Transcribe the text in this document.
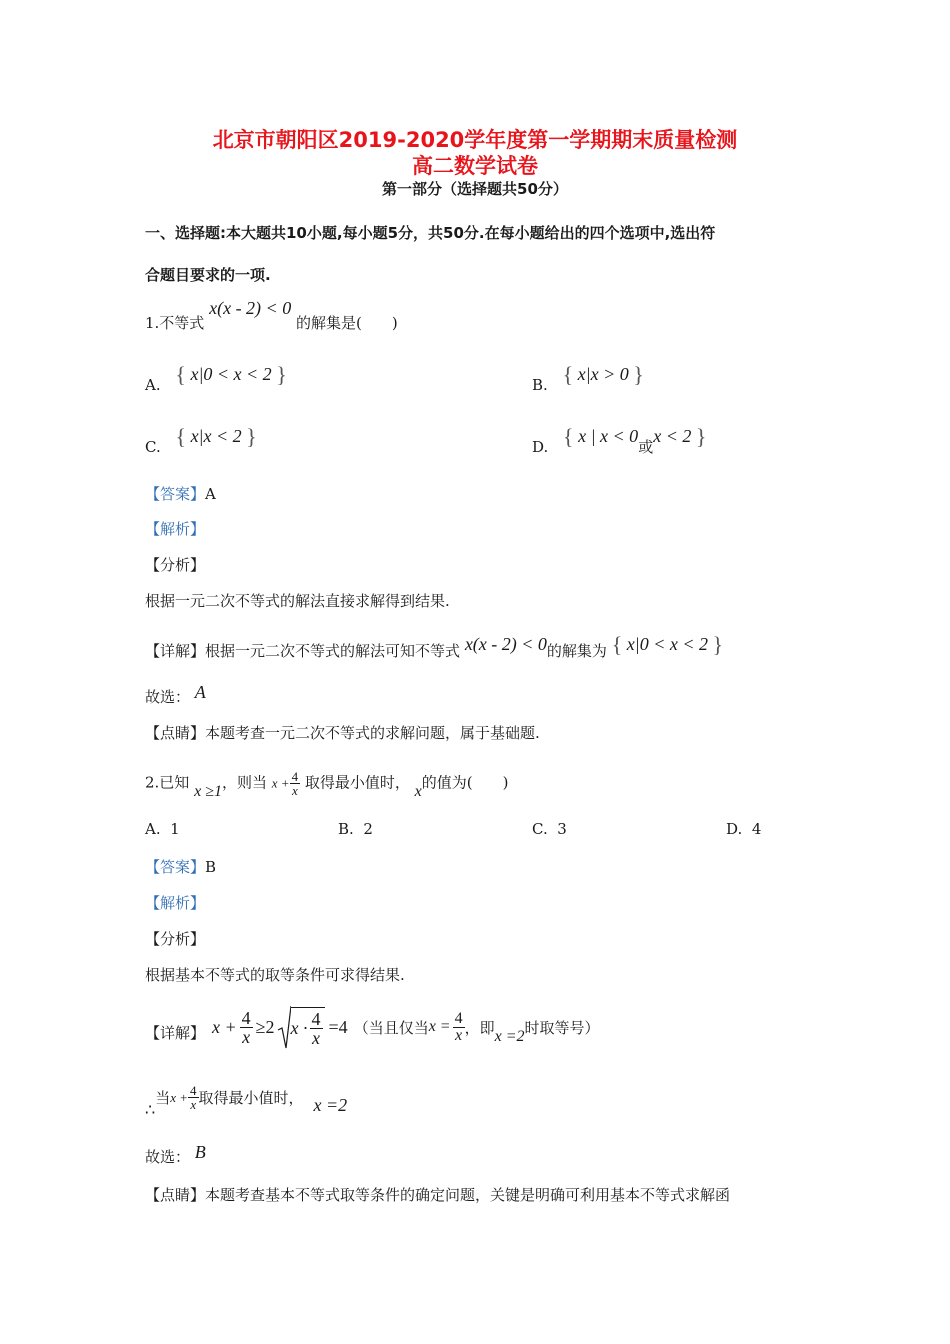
北京市朝阳区2019-2020学年度第一学期期末质量检测
高二数学试卷
第一部分（选择题共50分）
一、选择题:本大题共10小题,每小题5分，共50分.在每小题给出的四个选项中,选出符
合题目要求的一项.
1.不等式 x(x - 2) < 0 的解集是(　　)
A. { x|0 < x < 2 }	B. { x|x > 0 }
C. { x|x < 2 }	D. { x | x < 0或x < 2 }
【答案】A
【解析】
【分析】
根据一元二次不等式的解法直接求解得到结果.
【详解】根据一元二次不等式的解法可知不等式 x(x - 2) < 0的解集为 { x|0 < x < 2 }
故选： A
【点睛】本题考查一元二次不等式的求解问题，属于基础题.
2.已知 x ≥1，则当 $x + \frac{4}{x}$ 取得最小值时， x的值为(　　)
A. 1	B. 2	C. 3	D. 4
【答案】B
【解析】
【分析】
根据基本不等式的取等条件可求得结果.
【详解】 $x + \frac{4}{x} \ge 2$ $x \cdot \frac{4}{x} =4$ （当且仅当 $x = \frac{4}{x}$ ，即 x =2 时取等号）
∴
当 $x + \frac{4}{x}$ 取得最小值时， x =2
故选： B
【点睛】本题考查基本不等式取等条件的确定问题，关键是明确可利用基本不等式求解函
